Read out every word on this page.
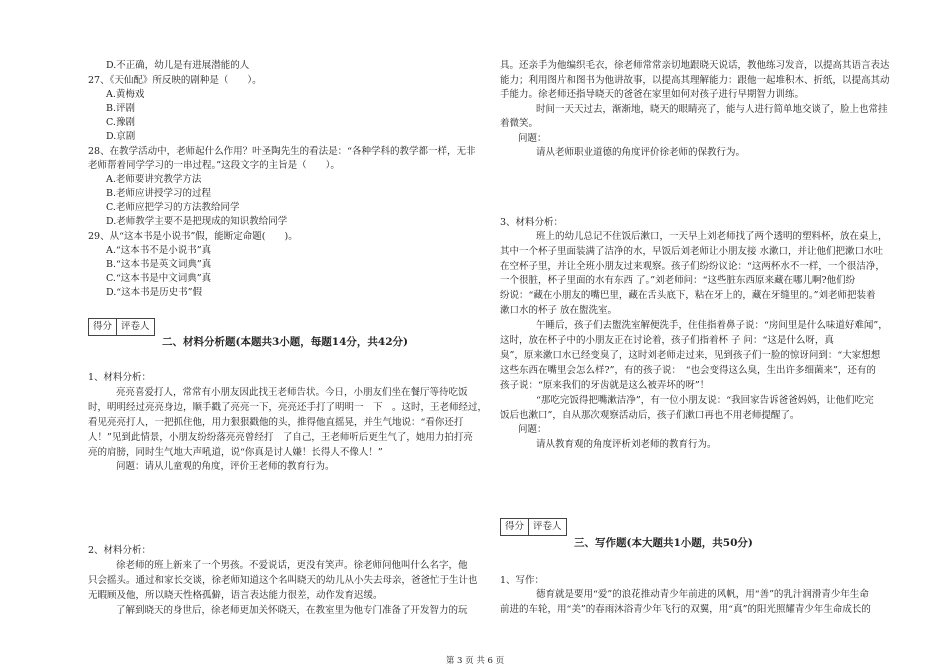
D.不正确，幼儿是有进展潜能的人
27、《天仙配》所反映的剧种是（　　）。
A.黄梅戏
B.评剧
C.豫剧
D.京剧
28、在教学活动中，老师起什么作用？叶圣陶先生的看法是：“各种学科的教学都一样，无非
老师帮着同学学习的一串过程。”这段文字的主旨是（　　）。
A.老师要讲究教学方法
B.老师应讲授学习的过程
C.老师应把学习的方法教给同学
D.老师教学主要不是把现成的知识教给同学
29、从“这本书是小说书”假，能断定命题(　　)。
A.“这本书不是小说书”真
B.“这本书是英文词典”真
C.“这本书是中文词典”真
D.“这本书是历史书”假
得分 评卷人
二、材料分析题(本题共3小题，每题14分，共42分)
1、材料分析：
亮亮喜爱打人，常常有小朋友因此找王老师告状。今日，小朋友们坐在餐厅等待吃饭
时，明明经过亮亮身边，顺手戳了亮亮一下，亮亮还手打了明明一　下　。这时，王老师经过，
看见亮亮打人，一把抓住他，用力狠狠戳他的头，推得他直摇晃，并生气地说：“看你还打
人！”见到此情景，小朋友纷纷落亮亮曾经打　了自己，王老师听后更生气了，她用力拍打亮
亮的肩膀，同时生气地大声吼道，说“你真是讨人嫌！长得人不像人！”
问题：请从儿童观的角度，评价王老师的教育行为。
2、材料分析：
徐老师的班上新来了一个男孩。不爱说话，更没有笑声。徐老师问他叫什么名字，他
只会摇头。通过和家长交谈，徐老师知道这个名叫晓天的幼儿从小失去母亲，爸爸忙于生计也
无暇顾及他，所以晓天性格孤僻，语言表达能力很差，动作发育迟缓。
了解到晓天的身世后，徐老师更加关怀晓天，在教室里为他专门准备了开发智力的玩
具。还亲手为他编织毛衣，徐老师常常亲切地跟晓天说话，教他练习发音，以提高其语言表达
能力；利用图片和图书为他讲故事，以提高其理解能力：跟他一起堆积木、折纸，以提高其动
手能力。徐老师还指导晓天的爸爸在家里如何对孩子进行早期智力训练。
时间一天天过去，渐渐地，晓天的眼睛亮了，能与人进行简单地交谈了，脸上也常挂
着微笑。
问题：
请从老师职业道德的角度评价徐老师的保教行为。
3、材料分析：
班上的幼儿总记不住饭后漱口，一天早上刘老师找了两个透明的塑料杯，放在桌上，
其中一个杯子里面装满了洁净的水，早饭后刘老师让小朋友接 水漱口，并让他们把漱口水吐
在空杯子里，并让全班小朋友过来观察。孩子们纷纷议论：“这两杯水不一样，一个很洁净，
一个很脏，杯子里面的水有东西 了。”刘老师问：“这些脏东西原来藏在哪儿啊?他们纷
纷说：“藏在小朋友的嘴巴里，藏在舌头底下，粘在牙上的，藏在牙缝里的。”刘老师把装着
漱口水的杯子 放在盥洗室。
午睡后，孩子们去盥洗室解便洗手，住佳指着鼻子说：“房间里是什么味道好难闻”，
这时，放在杯子中的小朋友正在讨论着，孩子们指着杯 子 问：“这是什么呀，真
臭”，原来漱口水已经变臭了，这时刘老师走过来，见到孩子们一脸的惊讶问到：“大家想想
这些东西在嘴里会怎么样?”，有的孩子说：　“也会变得这么臭，生出许多细菌来”，还有的
孩子说：“原来我们的牙齿就是这么被弄坏的呀”！
“那吃完饭得把嘴漱洁净”，有一位小朋友说：“我回家告诉爸爸妈妈，让他们吃完
饭后也漱口”，自从那次观察活动后，孩子们漱口再也不用老师提醒了。
问题：
请从教育观的角度评析刘老师的教育行为。
得分 评卷人
三、写作题(本大题共1小题，共50分)
1、写作：
德育就是要用“爱”的浪花推动青少年前进的风帆，用“善”的乳汁润滑青少年生命
前进的车轮，用“美”的春雨沐浴青少年飞行的双翼，用“真”的阳光照耀青少年生命成长的
第 3 页 共 6 页
